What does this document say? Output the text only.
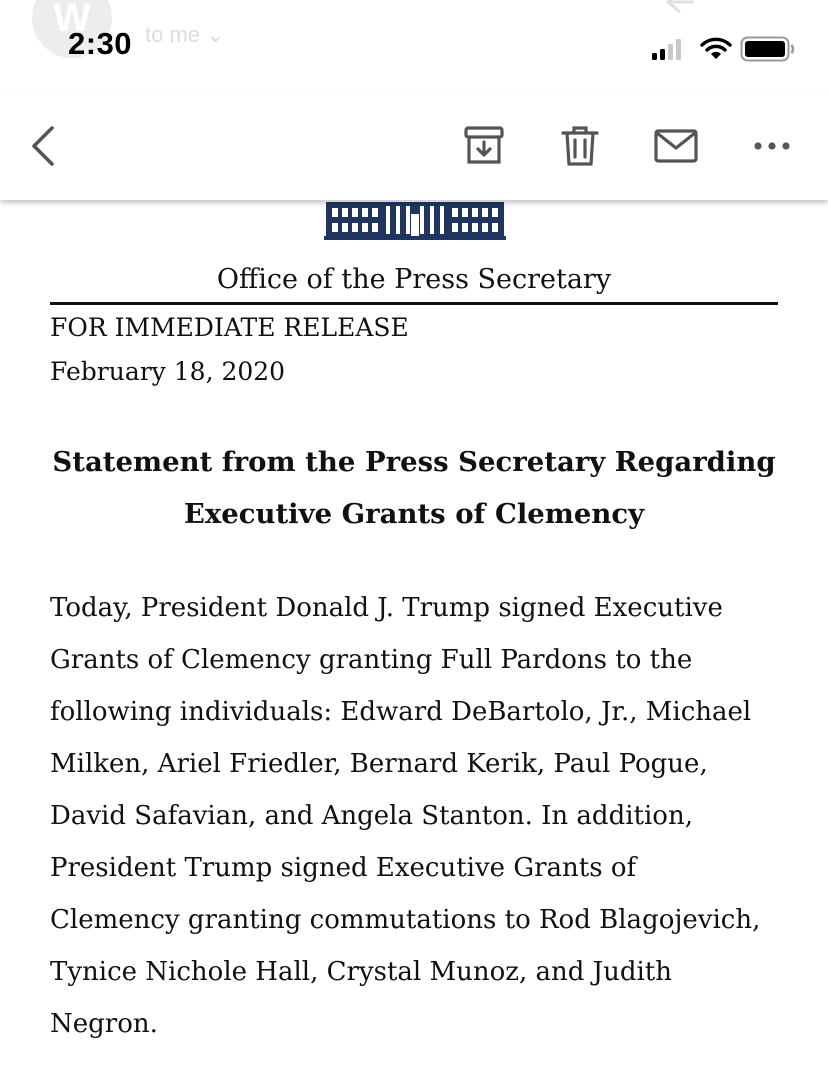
W	to me ⌄
2:30
Office of the Press Secretary
FOR IMMEDIATE RELEASE
February 18, 2020
Statement from the Press Secretary Regarding
Executive Grants of Clemency
Today, President Donald J. Trump signed Executive
Grants of Clemency granting Full Pardons to the
following individuals: Edward DeBartolo, Jr., Michael
Milken, Ariel Friedler, Bernard Kerik, Paul Pogue,
David Safavian, and Angela Stanton. In addition,
President Trump signed Executive Grants of
Clemency granting commutations to Rod Blagojevich,
Tynice Nichole Hall, Crystal Munoz, and Judith
Negron.
